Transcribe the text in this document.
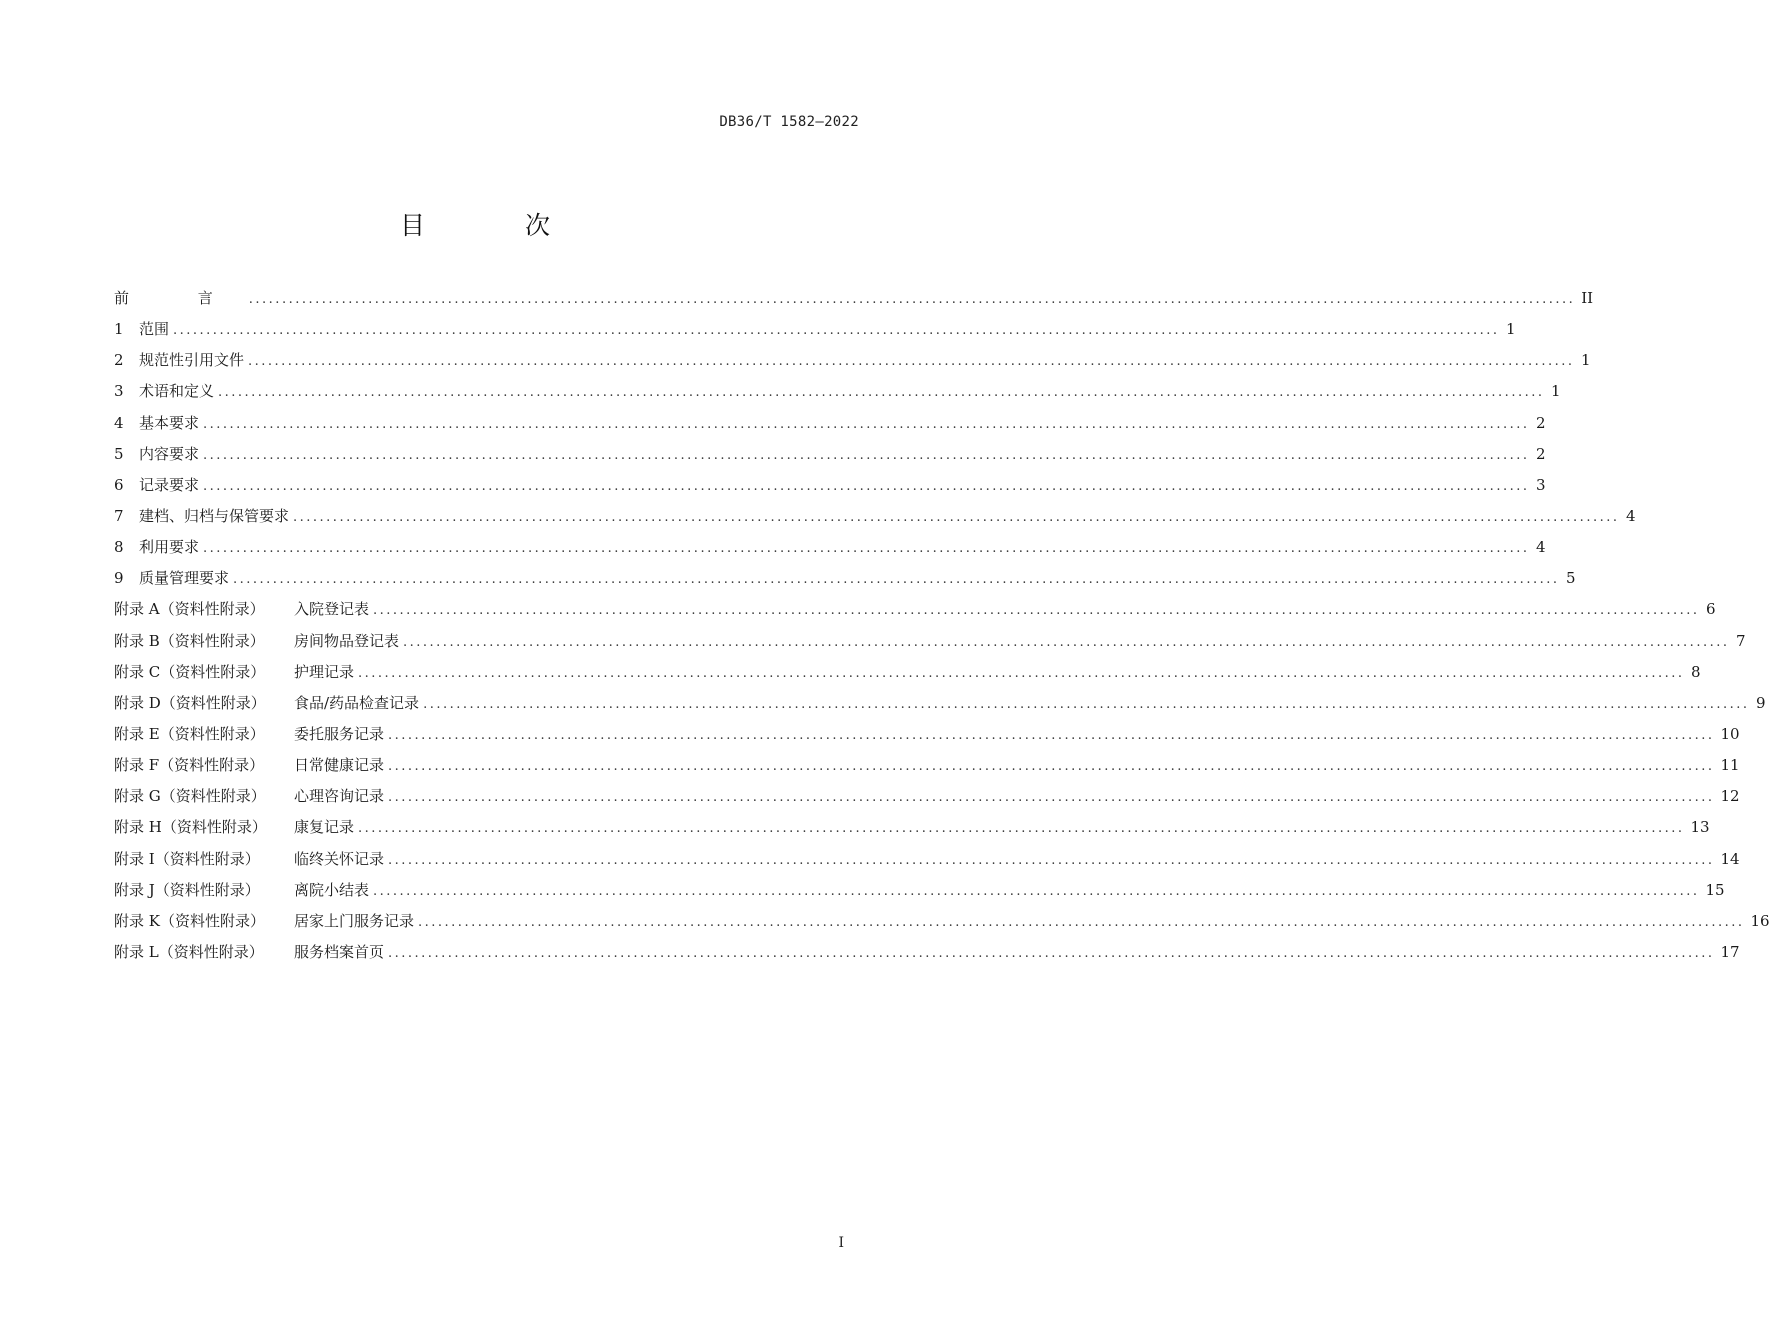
DB36/T 1582—2022
目 次
前 言 ........................................................................................................................................................................................................ II
1	范围 ........................................................................................................................................................................................................ 1
2	规范性引用文件 ........................................................................................................................................................................................................ 1
3	术语和定义 ........................................................................................................................................................................................................ 1
4	基本要求 ........................................................................................................................................................................................................ 2
5	内容要求 ........................................................................................................................................................................................................ 2
6	记录要求 ........................................................................................................................................................................................................ 3
7	建档、归档与保管要求 ........................................................................................................................................................................................................ 4
8	利用要求 ........................................................................................................................................................................................................ 4
9	质量管理要求 ........................................................................................................................................................................................................ 5
附录 A（资料性附录）	入院登记表 ........................................................................................................................................................................................................ 6
附录 B（资料性附录）	房间物品登记表 ........................................................................................................................................................................................................ 7
附录 C（资料性附录）	护理记录 ........................................................................................................................................................................................................ 8
附录 D（资料性附录）	食品/药品检查记录 ........................................................................................................................................................................................................ 9
附录 E（资料性附录）	委托服务记录 ........................................................................................................................................................................................................ 10
附录 F（资料性附录）	日常健康记录 ........................................................................................................................................................................................................ 11
附录 G（资料性附录）	心理咨询记录 ........................................................................................................................................................................................................ 12
附录 H（资料性附录）	康复记录 ........................................................................................................................................................................................................ 13
附录 I（资料性附录）	临终关怀记录 ........................................................................................................................................................................................................ 14
附录 J（资料性附录）	离院小结表 ........................................................................................................................................................................................................ 15
附录 K（资料性附录）	居家上门服务记录 ........................................................................................................................................................................................................ 16
附录 L（资料性附录）	服务档案首页 ........................................................................................................................................................................................................ 17
I
